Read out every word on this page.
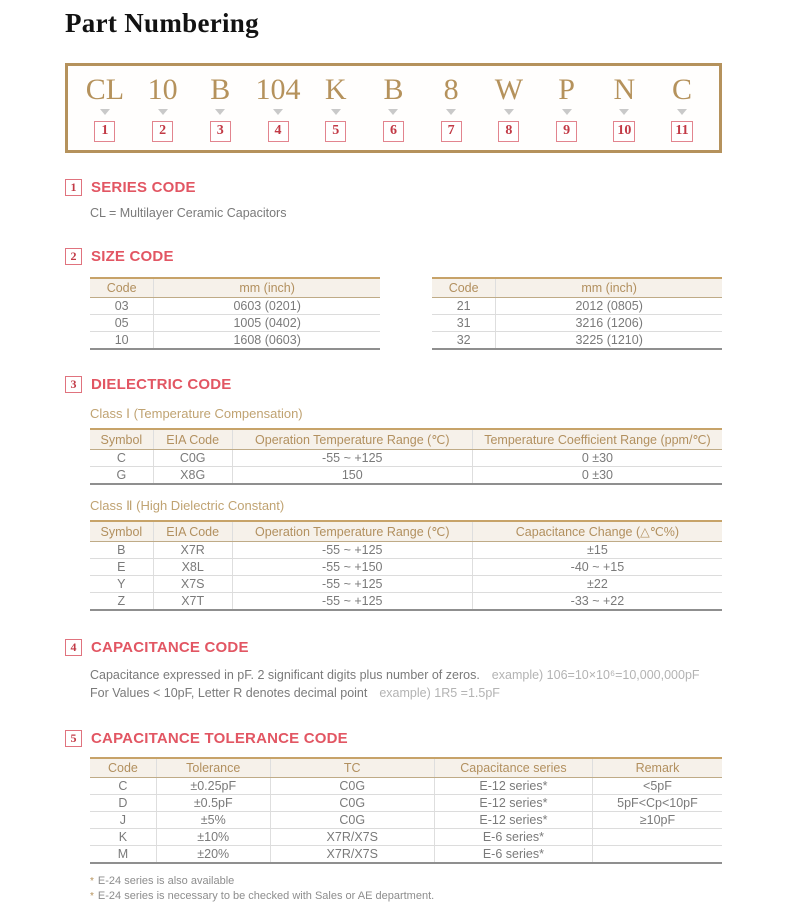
Part Numbering
CL
1
10
2
B
3
104
4
K
5
B
6
8
7
W
8
P
9
N
10
C
11
1 SERIES CODE
CL = Multilayer Ceramic Capacitors
2 SIZE CODE
Code	mm (inch)
03	0603 (0201)
05	1005 (0402)
10	1608 (0603)
Code	mm (inch)
21	2012 (0805)
31	3216 (1206)
32	3225 (1210)
3 DIELECTRIC CODE
Class Ⅰ (Temperature Compensation)
Symbol	EIA Code	Operation Temperature Range (℃)	Temperature Coefficient Range (ppm/℃)
C	C0G	-55 ~ +125	0 ±30
G	X8G	150	0 ±30
Class Ⅱ (High Dielectric Constant)
Symbol	EIA Code	Operation Temperature Range (℃)	Capacitance Change (△℃%)
B	X7R	-55 ~ +125	±15
E	X8L	-55 ~ +150	-40 ~ +15
Y	X7S	-55 ~ +125	±22
Z	X7T	-55 ~ +125	-33 ~ +22
4 CAPACITANCE CODE
Capacitance expressed in pF. 2 significant digits plus number of zeros. example) 106=10×10⁶=10,000,000pF
For Values < 10pF, Letter R denotes decimal point example) 1R5 =1.5pF
5 CAPACITANCE TOLERANCE CODE
Code	Tolerance	TC	Capacitance series	Remark
C	±0.25pF	C0G	E-12 series*	<5pF
D	±0.5pF	C0G	E-12 series*	5pF<Cp<10pF
J	±5%	C0G	E-12 series*	≥10pF
K	±10%	X7R/X7S	E-6 series*	
M	±20%	X7R/X7S	E-6 series*	
* E-24 series is also available
* E-24 series is necessary to be checked with Sales or AE department.
